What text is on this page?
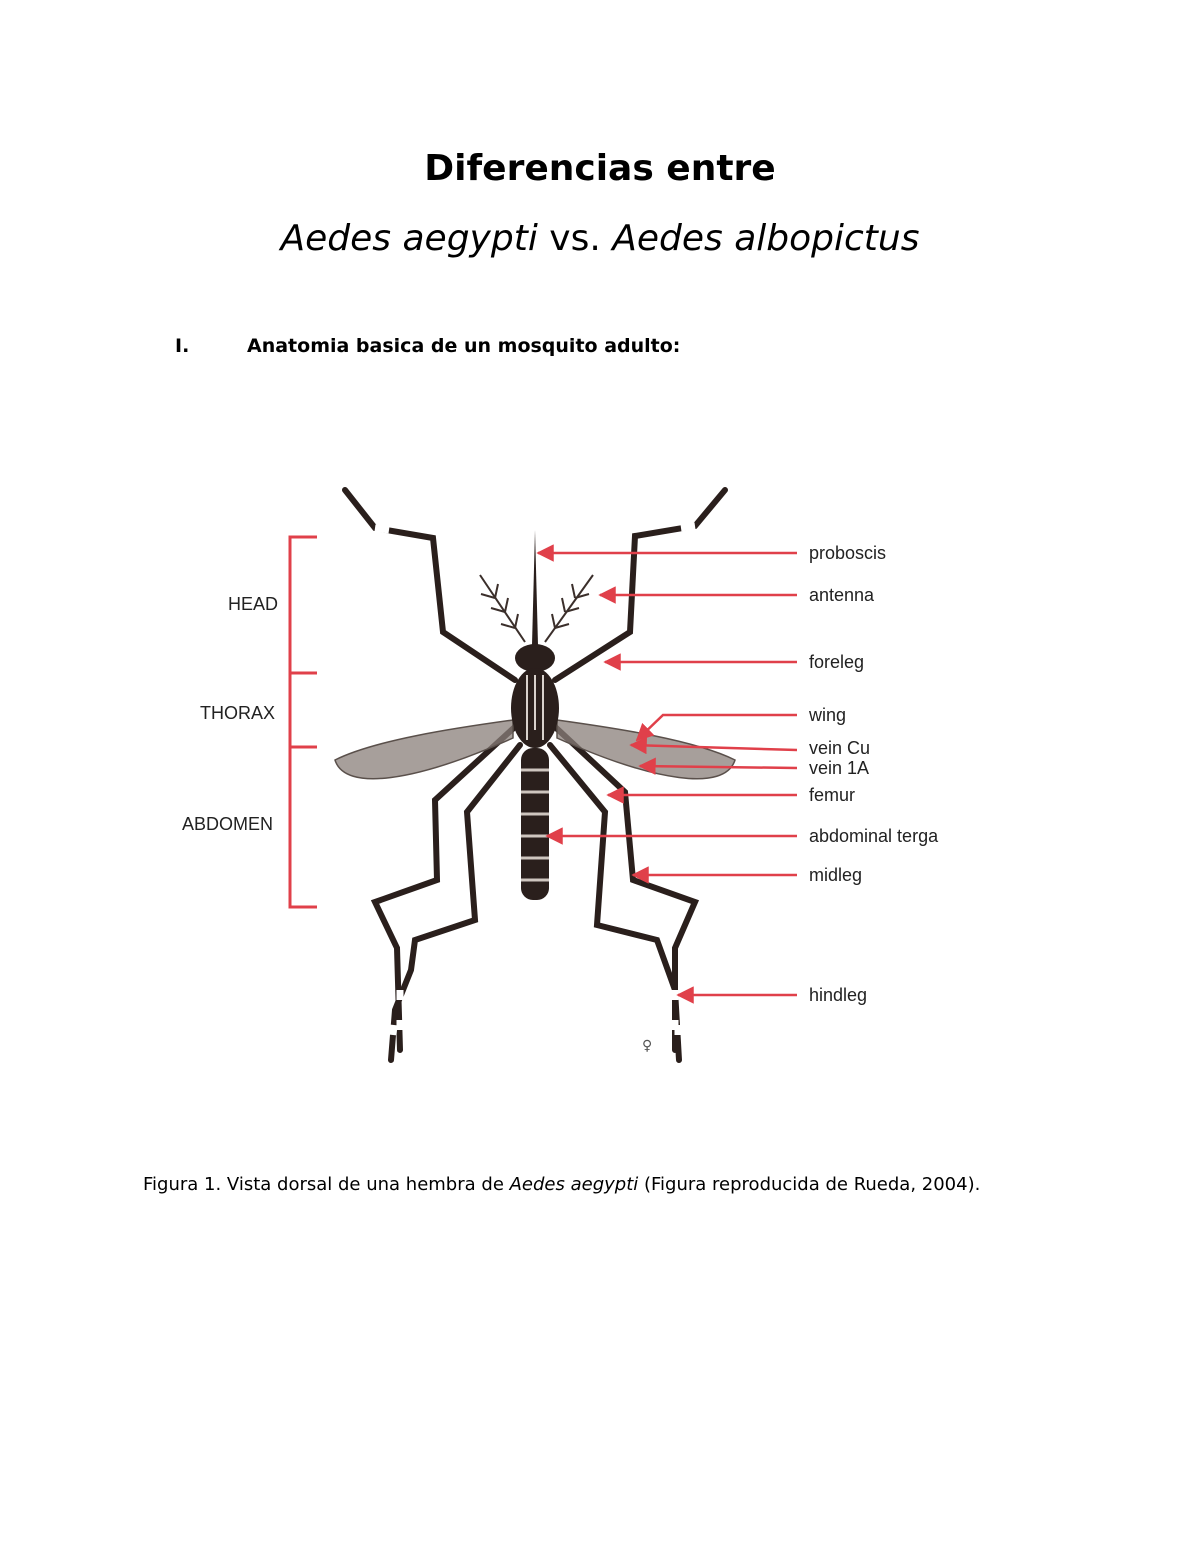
Diferencias entre
Aedes aegypti vs. Aedes albopictus
I.	Anatomia basica de un mosquito adulto:
HEAD
THORAX
ABDOMEN
♀
proboscis
antenna
foreleg
wing
vein Cu
vein 1A
femur
abdominal terga
midleg
hindleg
Figura 1. Vista dorsal de una hembra de Aedes aegypti (Figura reproducida de Rueda, 2004).
